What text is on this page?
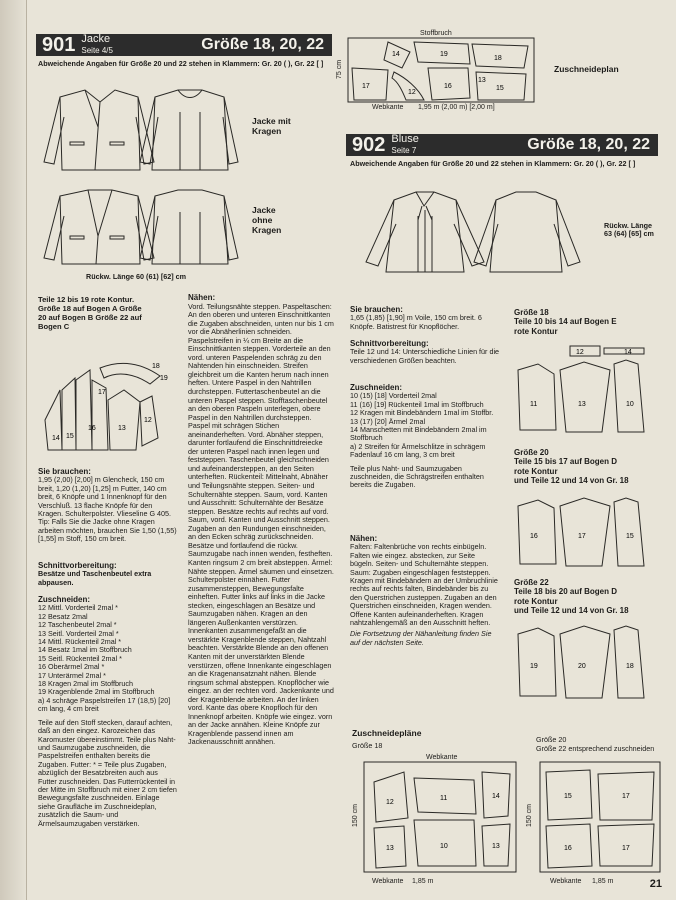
901 Jacke
Seite 4/5	Größe 18, 20, 22
Abweichende Angaben für Größe 20 und 22 stehen in Klammern: Gr. 20 ( ), Gr. 22 [ ]
Jacke mit Kragen
Jacke ohne Kragen
Rückw. Länge 60 (61) [62] cm
Teile 12 bis 19 rote Kontur. Größe 18 auf Bogen A Größe 20 auf Bogen B Größe 22 auf Bogen C
14 15
16	13
12
18
19
17
Sie brauchen:
1,95 (2,00) [2,00] m Glencheck, 150 cm breit, 1,20 (1,20) [1,25] m Futter, 140 cm breit, 6 Knöpfe und 1 Innenknopf für den Verschluß. 13 flache Knöpfe für den Kragen. Schulterpolster. Vlieseline G 405.
Tip: Falls Sie die Jacke ohne Kragen arbeiten möchten, brauchen Sie 1,50 (1,55) [1,55] m Stoff, 150 cm breit.
Schnittvorbereitung:
Besätze und Taschenbeutel extra abpausen.
Zuschneiden:
12 Mittl. Vorderteil 2mal *
12 Besatz 2mal
12 Taschenbeutel 2mal *
13 Seitl. Vorderteil 2mal *
14 Mittl. Rückenteil 2mal *
14 Besatz 1mal im Stoffbruch
15 Seitl. Rückenteil 2mal *
16 Oberärmel 2mal *
17 Unterärmel 2mal *
18 Kragen 2mal im Stoffbruch
19 Kragenblende 2mal im Stoffbruch
a) 4 schräge Paspelstreifen 17 (18,5) [20] cm lang, 4 cm breit
Teile auf den Stoff stecken, darauf achten, daß an den eingez. Karozeichen das Karomuster übereinstimmt. Teile plus Naht- und Saumzugabe zuschneiden, die Paspelstreifen enthalten bereits die Zugaben. Futter: * = Teile plus Zugaben, abzüglich der Besatzbreiten auch aus Futter zuschneiden. Das Futterrückenteil in der Mitte im Stoffbruch mit einer 2 cm tiefen Bewegungsfalte zuschneiden. Einlage siehe Graufläche im Zuschneideplan, zusätzlich die Saum- und Ärmelsaumzugaben verstärken.
Nähen:
Vord. Teilungsnähte steppen. Paspeltaschen: An den oberen und unteren Einschnittkanten die Zugaben abschneiden, unten nur bis 1 cm vor die Abnäherlinien schneiden. Paspelstreifen in ¼ cm Breite an die Einschnittkanten steppen. Vorderteile an den vord. unteren Paspelenden schräg zu den Nahtenden hin einschneiden. Streifen gleichbreit um die Kanten herum nach innen heften. Untere Paspel in den Nahtrillen durchsteppen. Futtertaschenbeutel an die unteren Paspel steppen. Stofftaschenbeutel an den oberen Paspeln unterlegen, obere Paspel in den Nahtrillen durchsteppen. Paspel mit schrägen Stichen aneinanderheften. Vord. Abnäher steppen, darunter fortlaufend die Einschnittdreiecke der unteren Paspel nach innen legen und feststeppen. Taschenbeutel gleichschneiden und aufeinandersteppen, an den Seiten unterheften. Rückenteil: Mittelnaht, Abnäher und Teilungsnähte steppen. Seiten- und Schulternähte steppen. Saum, vord. Kanten und Ausschnitt: Schulternähte der Besätze steppen. Besätze rechts auf rechts auf vord. Saum, vord. Kanten und Ausschnitt steppen. Zugaben an den Rundungen einschneiden, an den Ecken schräg zurückschneiden. Besätze und fortlaufend die rückw. Saumzugabe nach innen wenden, festheften. Kanten ringsum 2 cm breit absteppen. Ärmel: Nähte steppen. Ärmel säumen und einsetzen. Schulterpolster einnähen. Futter zusammensteppen, Bewegungsfalte einheften. Futter links auf links in die Jacke stecken, eingeschlagen an Besätze und Saumzugaben nähen. Kragen an den längeren Außenkanten verstürzen. Innenkanten zusammengefaßt an die verstärkte Kragenblende steppen, Nahtzahl beachten. Verstärkte Blende an den offenen Kanten mit der unverstärkten Blende verstürzen, offene Innenkante eingeschlagen an die Kragenansatznaht nähen. Blende ringsum schmal absteppen. Knopflöcher wie eingez. an der rechten vord. Jackenkante und der Kragenblende arbeiten. An der linken vord. Kante das obere Knopfloch für den Innenknopf arbeiten. Knöpfe wie eingez. vorn an der Jacke annähen. Kleine Knöpfe zur Kragenblende passend innen am Jackenausschnitt annähen.
14
17
19
16
18
15
12
13
Stoffbruch
75 cm
Webkante 1,95 m (2,00 m) [2,00 m]
Zuschneideplan
902 Bluse
Seite 7	Größe 18, 20, 22
Abweichende Angaben für Größe 20 und 22 stehen in Klammern: Gr. 20 ( ), Gr. 22 [ ]
Rückw. Länge 63 (64) [65] cm
Sie brauchen:
1,65 (1,85) [1,90] m Voile, 150 cm breit. 6 Knöpfe. Batistrest für Knopflöcher.
Schnittvorbereitung:
Teile 12 und 14: Unterschiedliche Linien für die verschiedenen Größen beachten.
Zuschneiden:
10 (15) [18] Vorderteil 2mal
11 (16) [19] Rückenteil 1mal im Stoffbruch
12 Kragen mit Bindebändern 1mal im Stoffbr.
13 (17) [20] Ärmel 2mal
14 Manschetten mit Bindebändern 2mal im Stoffbruch
a) 2 Streifen für Ärmelschlitze in schrägem Fadenlauf 16 cm lang, 3 cm breit
Teile plus Naht- und Saumzugaben zuschneiden, die Schrägstreifen enthalten bereits die Zugaben.
Nähen:
Falten: Faltenbrüche von rechts einbügeln. Falten wie eingez. abstecken, zur Seite bügeln. Seiten- und Schulternähte steppen. Saum: Zugaben eingeschlagen feststeppen. Kragen mit Bindebändern an der Umbruchlinie rechts auf rechts falten, Bindebänder bis zu den Querstrichen zusteppen. Zugaben an den Querstrichen einschneiden, Kragen wenden. Offene Kanten aufeinanderheften. Kragen nahtzahlengemäß an den Ausschnitt heften.
Die Fortsetzung der Nähanleitung finden Sie auf der nächsten Seite.
Größe 18
Teile 10 bis 14 auf Bogen E
rote Kontur
12	14
11	13	10
Größe 20
Teile 15 bis 17 auf Bogen D
rote Kontur
und Teile 12 und 14 von Gr. 18
16	17	15
Größe 22
Teile 18 bis 20 auf Bogen D
rote Kontur
und Teile 12 und 14 von Gr. 18
19	20	18
Zuschneidepläne
Größe 18
Größe 20
Größe 22 entsprechend zuschneiden
12
11
13	10
14
13
Webkante
150 cm
Webkante 1,85 m
15	17
16	17
150 cm
Webkante 1,85 m	21
